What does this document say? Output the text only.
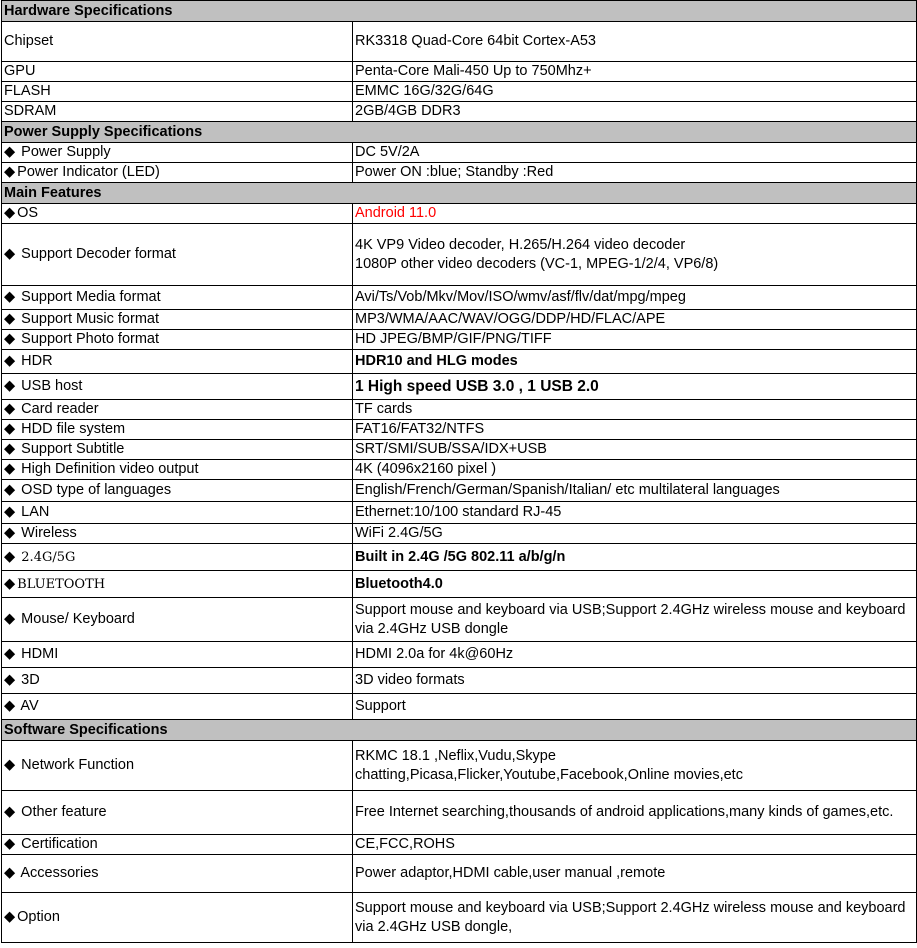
Hardware Specifications	
Chipset	RK3318 Quad-Core 64bit Cortex-A53
GPU	Penta-Core Mali-450 Up to 750Mhz+
FLASH	EMMC 16G/32G/64G
SDRAM	2GB/4GB DDR3
Power Supply Specifications	
◆ Power Supply	DC 5V/2A
◆ Power Indicator (LED)	Power ON :blue; Standby :Red
Main Features	
◆ OS	Android 11.0
◆ Support Decoder format	4K VP9 Video decoder, H.265/H.264 video decoder
1080P other video decoders (VC-1, MPEG-1/2/4, VP6/8)

◆ Support Media format	Avi/Ts/Vob/Mkv/Mov/ISO/wmv/asf/flv/dat/mpg/mpeg
◆ Support Music format	MP3/WMA/AAC/WAV/OGG/DDP/HD/FLAC/APE
◆ Support Photo format	HD JPEG/BMP/GIF/PNG/TIFF
◆ HDR	HDR10 and HLG modes
◆ USB host	1 High speed USB 3.0 , 1 USB 2.0
◆ Card reader	TF cards
◆ HDD file system	FAT16/FAT32/NTFS
◆ Support Subtitle	SRT/SMI/SUB/SSA/IDX+USB
◆ High Definition video output	4K (4096x2160 pixel )
◆ OSD type of languages	English/French/German/Spanish/Italian/ etc multilateral languages
◆ LAN	Ethernet:10/100 standard RJ-45
◆ Wireless	WiFi 2.4G/5G
◆ 2.4G/5G	Built in 2.4G /5G 802.11 a/b/g/n
◆ BLUETOOTH	Bluetooth4.0
◆ Mouse/ Keyboard	Support mouse and keyboard via USB;Support 2.4GHz wireless mouse and keyboard via 2.4GHz USB dongle
◆ HDMI	HDMI 2.0a for 4k@60Hz
◆ 3D	3D video formats
◆ AV	Support
Software Specifications	
◆ Network Function	RKMC 18.1 ,Neflix,Vudu,Skype
chatting,Picasa,Flicker,Youtube,Facebook,Online movies,etc

◆ Other feature	Free Internet searching,thousands of android applications,many kinds of games,etc.
◆ Certification	CE,FCC,ROHS
◆ Accessories	Power adaptor,HDMI cable,user manual ,remote
◆ Option	Support mouse and keyboard via USB;Support 2.4GHz wireless mouse and keyboard via 2.4GHz USB dongle,
